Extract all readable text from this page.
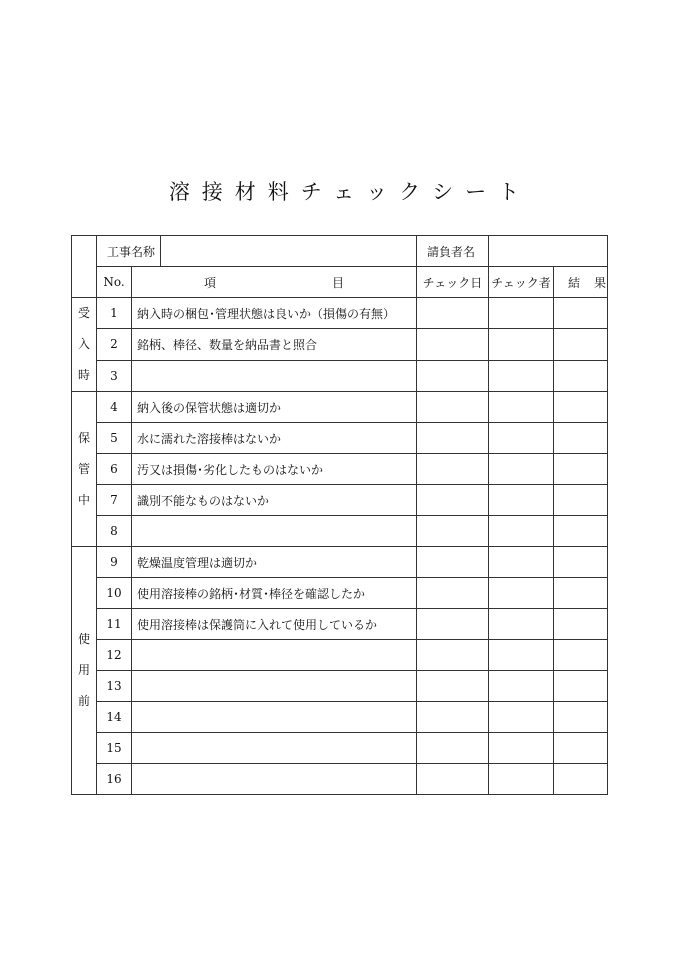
溶接材料チェックシート

工事名称		請負者名		
	No.	項 目	チェック日	チェック者	結果

受
入
時	1	納入時の梱包･管理状態は良いか（損傷の有無）			
	2	銘柄、棒径、数量を納品書と照合			
	3				

保
管
中	4	納入後の保管状態は適切か			
	5	水に濡れた溶接棒はないか			
	6	汚又は損傷･劣化したものはないか			
	7	識別不能なものはないか			
	8				

使
用
前	9	乾燥温度管理は適切か			
	10	使用溶接棒の銘柄･材質･棒径を確認したか			
	11	使用溶接棒は保護筒に入れて使用しているか			
	12				
	13				
	14				
	15				
	16				
